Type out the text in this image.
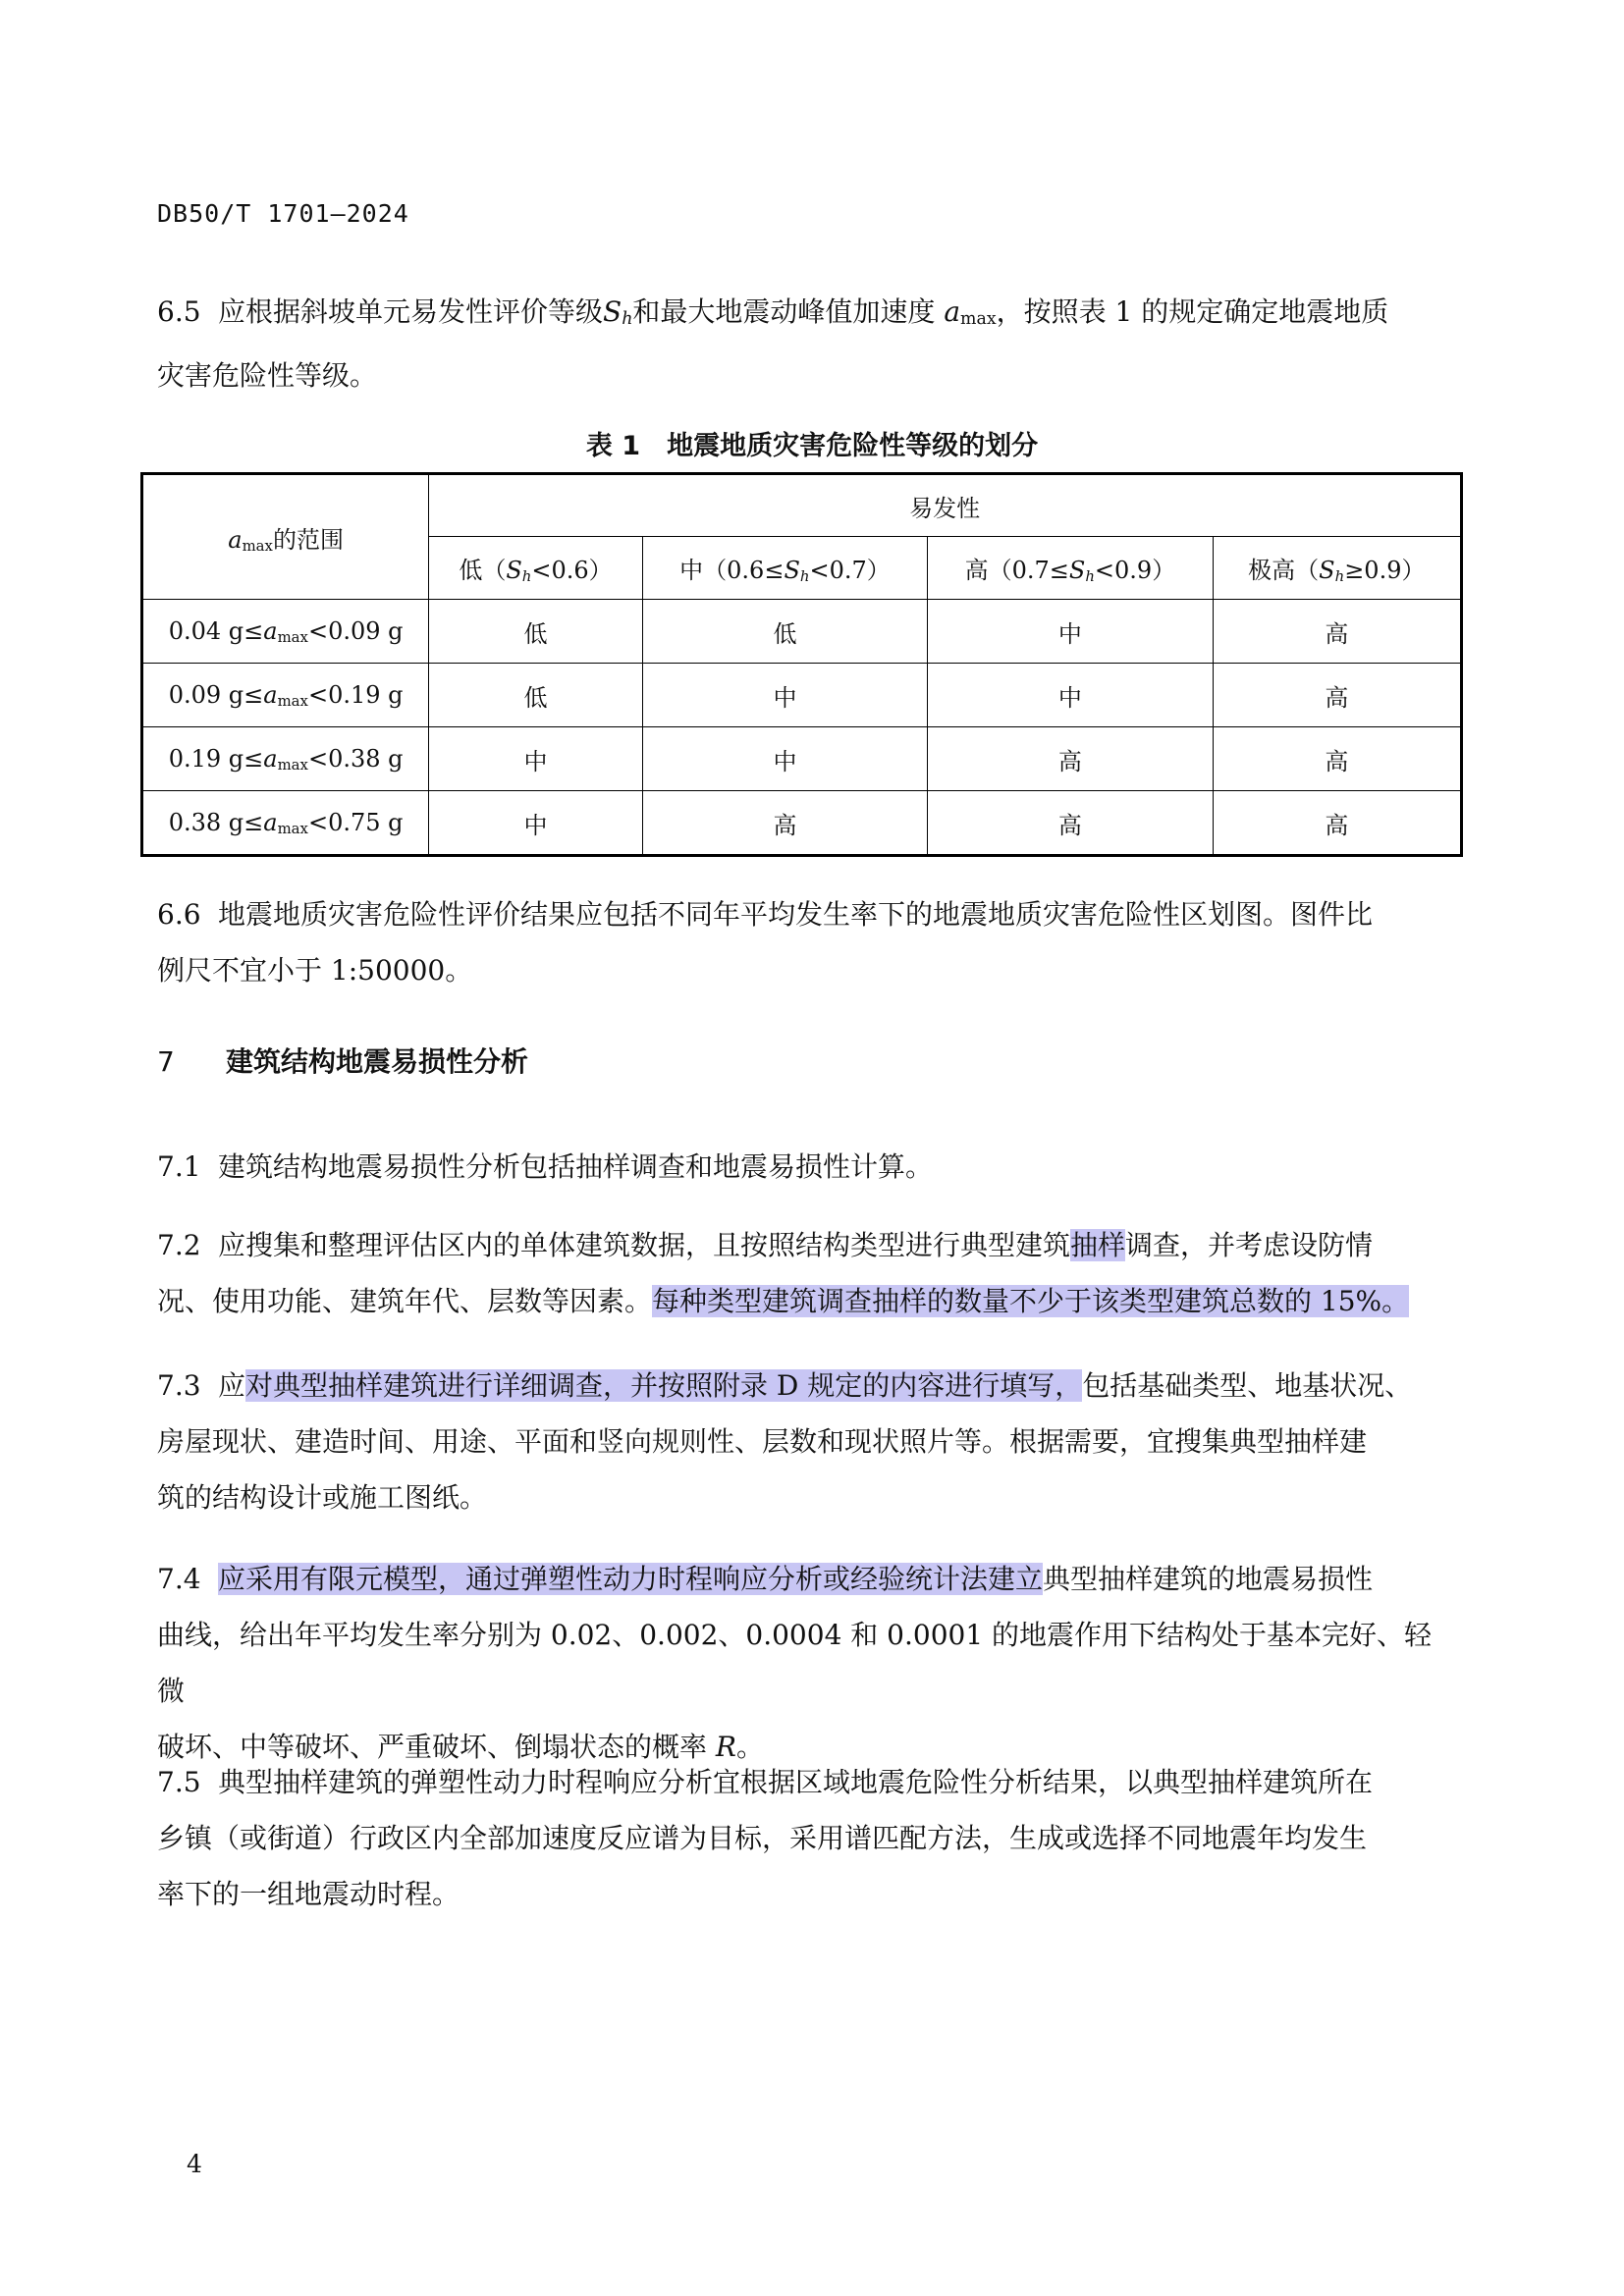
DB50/T 1701—2024
6.5 应根据斜坡单元易发性评价等级Sh和最大地震动峰值加速度 amax，按照表 1 的规定确定地震地质
灾害危险性等级。
表 1　地震地质灾害危险性等级的划分
$a_{max}$的范围	易发性			
	低$(S_h<0.6)$	中$(0.6\le S_h<0.7)$	高$(0.7\le S_h<0.9)$	极高$(S_h\ge 0.9)$
0.04 $g\le a_{max}<0.09$ g	低	低	中	高
0.09 $g\le a_{max}<0.19$ g	低	中	中	高
0.19 $g\le a_{max}<0.38$ g	中	中	高	高
0.38 $g\le a_{max}<0.75$ g	中	高	高	高
6.6 地震地质灾害危险性评价结果应包括不同年平均发生率下的地震地质灾害危险性区划图。图件比
例尺不宜小于 1:50000。
7 建筑结构地震易损性分析
7.1 建筑结构地震易损性分析包括抽样调查和地震易损性计算。
7.2 应搜集和整理评估区内的单体建筑数据，且按照结构类型进行典型建筑抽样调查，并考虑设防情
况、使用功能、建筑年代、层数等因素。每种类型建筑调查抽样的数量不少于该类型建筑总数的 15%。
7.3 应对典型抽样建筑进行详细调查，并按照附录 D 规定的内容进行填写，包括基础类型、地基状况、
房屋现状、建造时间、用途、平面和竖向规则性、层数和现状照片等。根据需要，宜搜集典型抽样建
筑的结构设计或施工图纸。
7.4 应采用有限元模型，通过弹塑性动力时程响应分析或经验统计法建立典型抽样建筑的地震易损性
曲线，给出年平均发生率分别为 0.02、0.002、0.0004 和 0.0001 的地震作用下结构处于基本完好、轻微
破坏、中等破坏、严重破坏、倒塌状态的概率 R。
7.5 典型抽样建筑的弹塑性动力时程响应分析宜根据区域地震危险性分析结果，以典型抽样建筑所在
乡镇（或街道）行政区内全部加速度反应谱为目标，采用谱匹配方法，生成或选择不同地震年均发生
率下的一组地震动时程。
4
